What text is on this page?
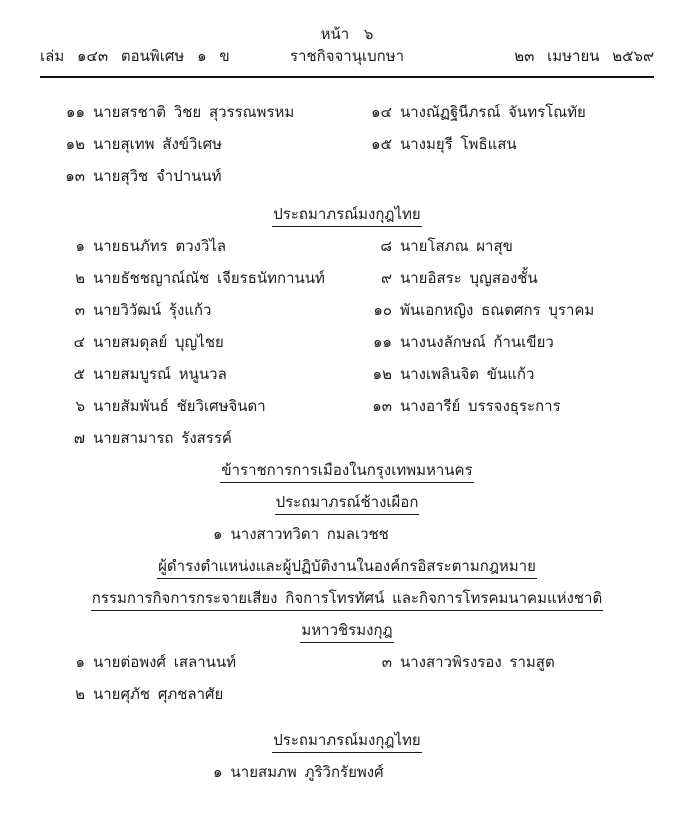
หน้า ๖
เล่ม ๑๔๓ ตอนพิเศษ ๑ ข	ราชกิจจานุเบกษา	๒๓ เมษายน ๒๕๖๙
๑๑ นายสรชาติ วิชย สุวรรณพรหม
๑๒ นายสุเทพ สังข์วิเศษ
๑๓ นายสุวิช จำปานนท์
๑๔ นางณัฏฐินีภรณ์ จันทรโณทัย
๑๕ นางมยุรี โพธิแสน
ประถมาภรณ์มงกุฎไทย
๑ นายธนภัทร ตวงวิไล
๒ นายธัชชญาณ์ณัช เจียรธนัทกานนท์
๓ นายวิวัฒน์ รุ้งแก้ว
๔ นายสมดุลย์ บุญไชย
๕ นายสมบูรณ์ หนูนวล
๖ นายสัมพันธ์ ชัยวิเศษจินดา
๗ นายสามารถ รังสรรค์
๘ นายโสภณ ผาสุข
๙ นายอิสระ บุญสองชั้น
๑๐ พันเอกหญิง ธณตศกร บุราคม
๑๑ นางนงลักษณ์ ก้านเขียว
๑๒ นางเพลินจิต ขันแก้ว
๑๓ นางอารีย์ บรรจงธุระการ
ข้าราชการการเมืองในกรุงเทพมหานคร
ประถมาภรณ์ช้างเผือก
๑ นางสาวทวิดา กมลเวชช
ผู้ดำรงตำแหน่งและผู้ปฏิบัติงานในองค์กรอิสระตามกฎหมาย
กรรมการกิจการกระจายเสียง กิจการโทรทัศน์ และกิจการโทรคมนาคมแห่งชาติ
มหาวชิรมงกุฎ
๑ นายต่อพงศ์ เสลานนท์
๒ นายศุภัช ศุภชลาศัย
๓ นางสาวพิรงรอง รามสูต
ประถมาภรณ์มงกุฎไทย
๑ นายสมภพ ภูริวิกรัยพงศ์
